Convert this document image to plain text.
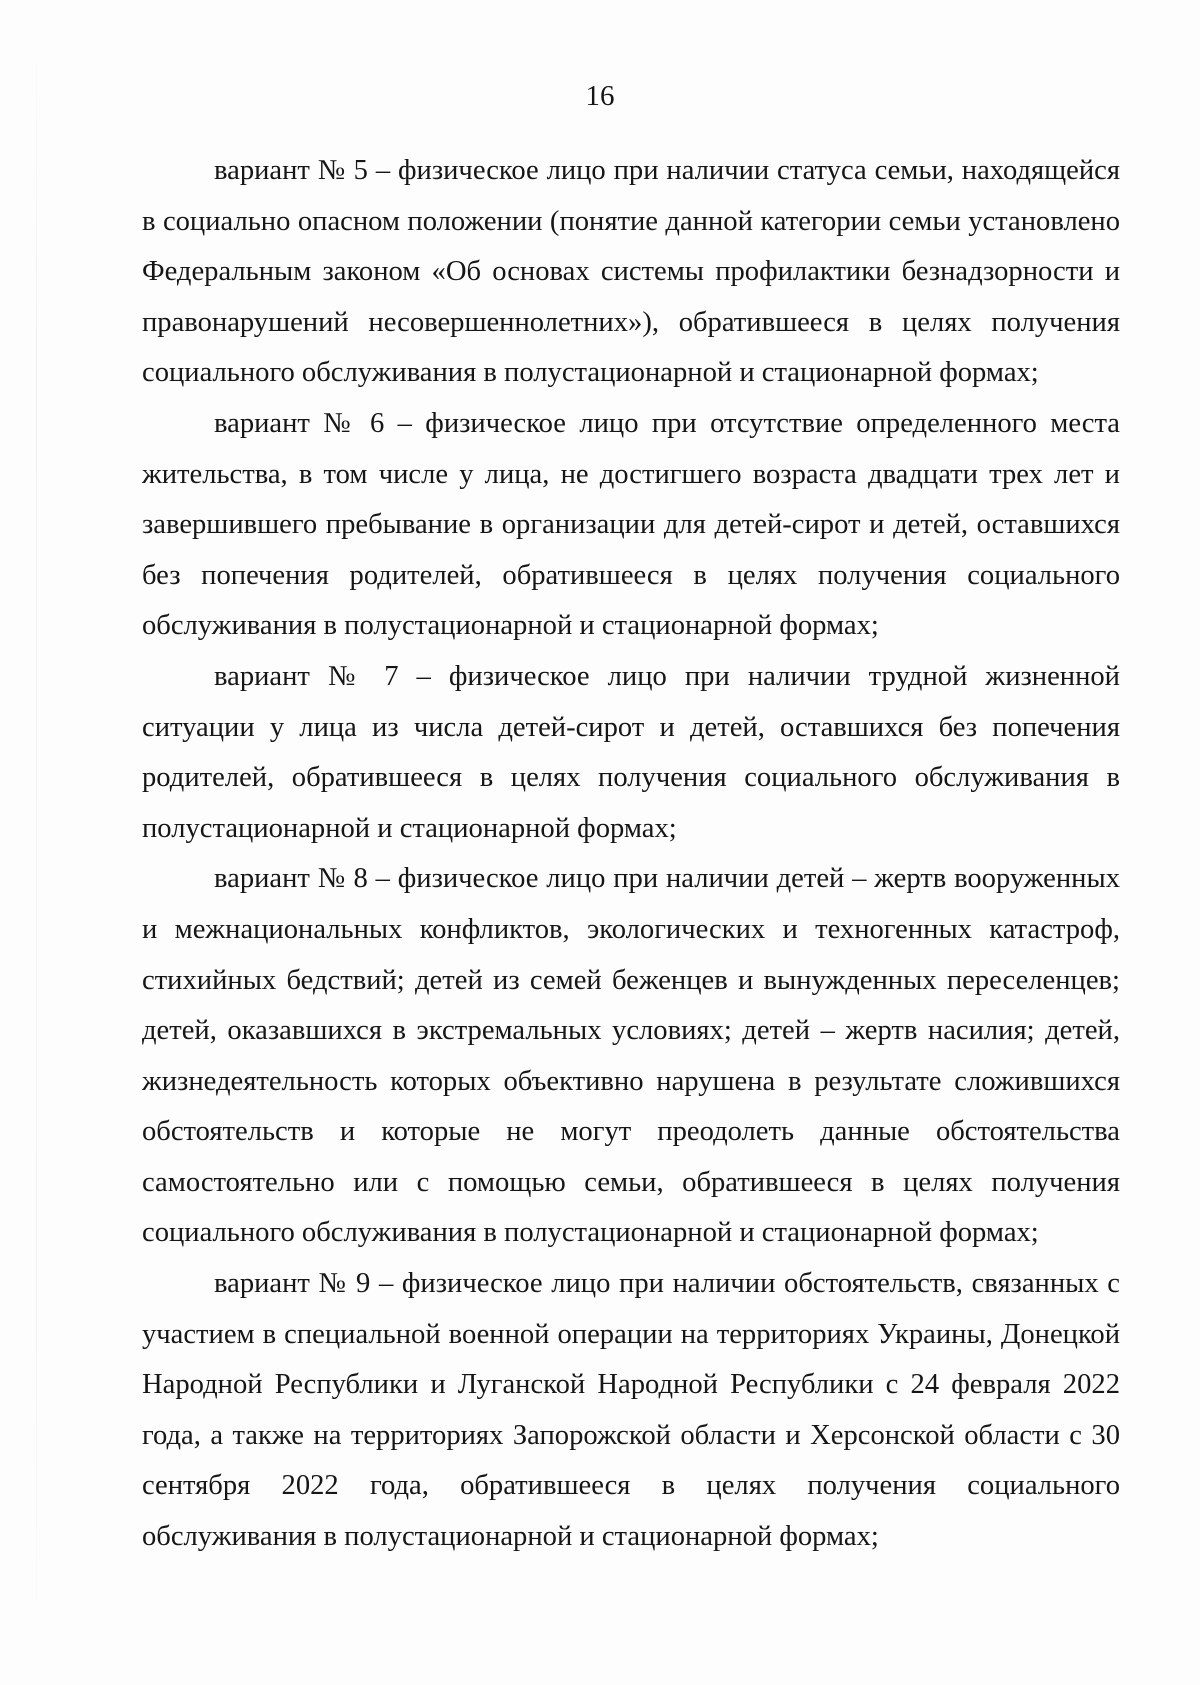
16

вариант № 5 – физическое лицо при наличии статуса семьи, находящейся в социально опасном положении (понятие данной категории семьи установлено Федеральным законом «Об основах системы профилактики безнадзорности и правонарушений несовершеннолетних»), обратившееся в целях получения социального обслуживания в полустационарной и стационарной формах;

вариант № 6 – физическое лицо при отсутствие определенного места жительства, в том числе у лица, не достигшего возраста двадцати трех лет и завершившего пребывание в организации для детей-сирот и детей, оставшихся без попечения родителей, обратившееся в целях получения социального обслуживания в полустационарной и стационарной формах;

вариант № 7 – физическое лицо при наличии трудной жизненной ситуации у лица из числа детей-сирот и детей, оставшихся без попечения родителей, обратившееся в целях получения социального обслуживания в полустационарной и стационарной формах;

вариант № 8 – физическое лицо при наличии детей – жертв вооруженных и межнациональных конфликтов, экологических и техногенных катастроф, стихийных бедствий; детей из семей беженцев и вынужденных переселенцев; детей, оказавшихся в экстремальных условиях; детей – жертв насилия; детей, жизнедеятельность которых объективно нарушена в результате сложившихся обстоятельств и которые не могут преодолеть данные обстоятельства самостоятельно или с помощью семьи, обратившееся в целях получения социального обслуживания в полустационарной и стационарной формах;

вариант № 9 – физическое лицо при наличии обстоятельств, связанных с участием в специальной военной операции на территориях Украины, Донецкой Народной Республики и Луганской Народной Республики с 24 февраля 2022 года, а также на территориях Запорожской области и Херсонской области с 30 сентября 2022 года, обратившееся в целях получения социального обслуживания в полустационарной и стационарной формах;
